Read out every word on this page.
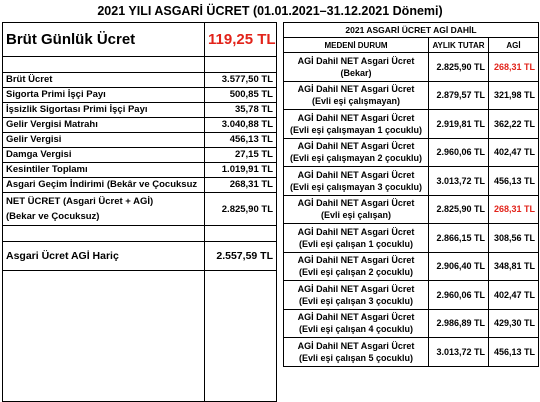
2021 YILI ASGARİ ÜCRET (01.01.2021–31.12.2021 Dönemi)
Brüt Günlük Ücret	119,25 TL

Brüt Ücret	3.577,50 TL
Sigorta Primi İşçi Payı	500,85 TL
İşsizlik Sigortası Primi İşçi Payı	35,78 TL
Gelir Vergisi Matrahı	3.040,88 TL
Gelir Vergisi	456,13 TL
Damga Vergisi	27,15 TL
Kesintiler Toplamı	1.019,91 TL
Asgari Geçim İndirimi (Bekâr ve Çocuksuz	268,31 TL

NET ÜCRET (Asgari Ücret + AGİ)
(Bekar ve Çocuksuz)	2.825,90 TL

Asgari Ücret AGİ Hariç	2.557,59 TL

2021 ASGARİ ÜCRET AGİ DAHİL		
MEDENİ DURUM	AYLIK TUTAR	AGİ

AGİ Dahil NET Asgari Ücret
(Bekar)	2.825,90 TL	268,31 TL

AGİ Dahil NET Asgari Ücret
(Evli eşi çalışmayan)	2.879,57 TL	321,98 TL

AGİ Dahil NET Asgari Ücret
(Evli eşi çalışmayan 1 çocuklu)	2.919,81 TL	362,22 TL

AGİ Dahil NET Asgari Ücret
(Evli eşi çalışmayan 2 çocuklu)	2.960,06 TL	402,47 TL

AGİ Dahil NET Asgari Ücret
(Evli eşi çalışmayan 3 çocuklu)	3.013,72 TL	456,13 TL

AGİ Dahil NET Asgari Ücret
(Evli eşi çalışan)	2.825,90 TL	268,31 TL

AGİ Dahil NET Asgari Ücret
(Evli eşi çalışan 1 çocuklu)	2.866,15 TL	308,56 TL

AGİ Dahil NET Asgari Ücret
(Evli eşi çalışan 2 çocuklu)	2.906,40 TL	348,81 TL

AGİ Dahil NET Asgari Ücret
(Evli eşi çalışan 3 çocuklu)	2.960,06 TL	402,47 TL

AGİ Dahil NET Asgari Ücret
(Evli eşi çalışan 4 çocuklu)	2.986,89 TL	429,30 TL

AGİ Dahil NET Asgari Ücret
(Evli eşi çalışan 5 çocuklu)	3.013,72 TL	456,13 TL
